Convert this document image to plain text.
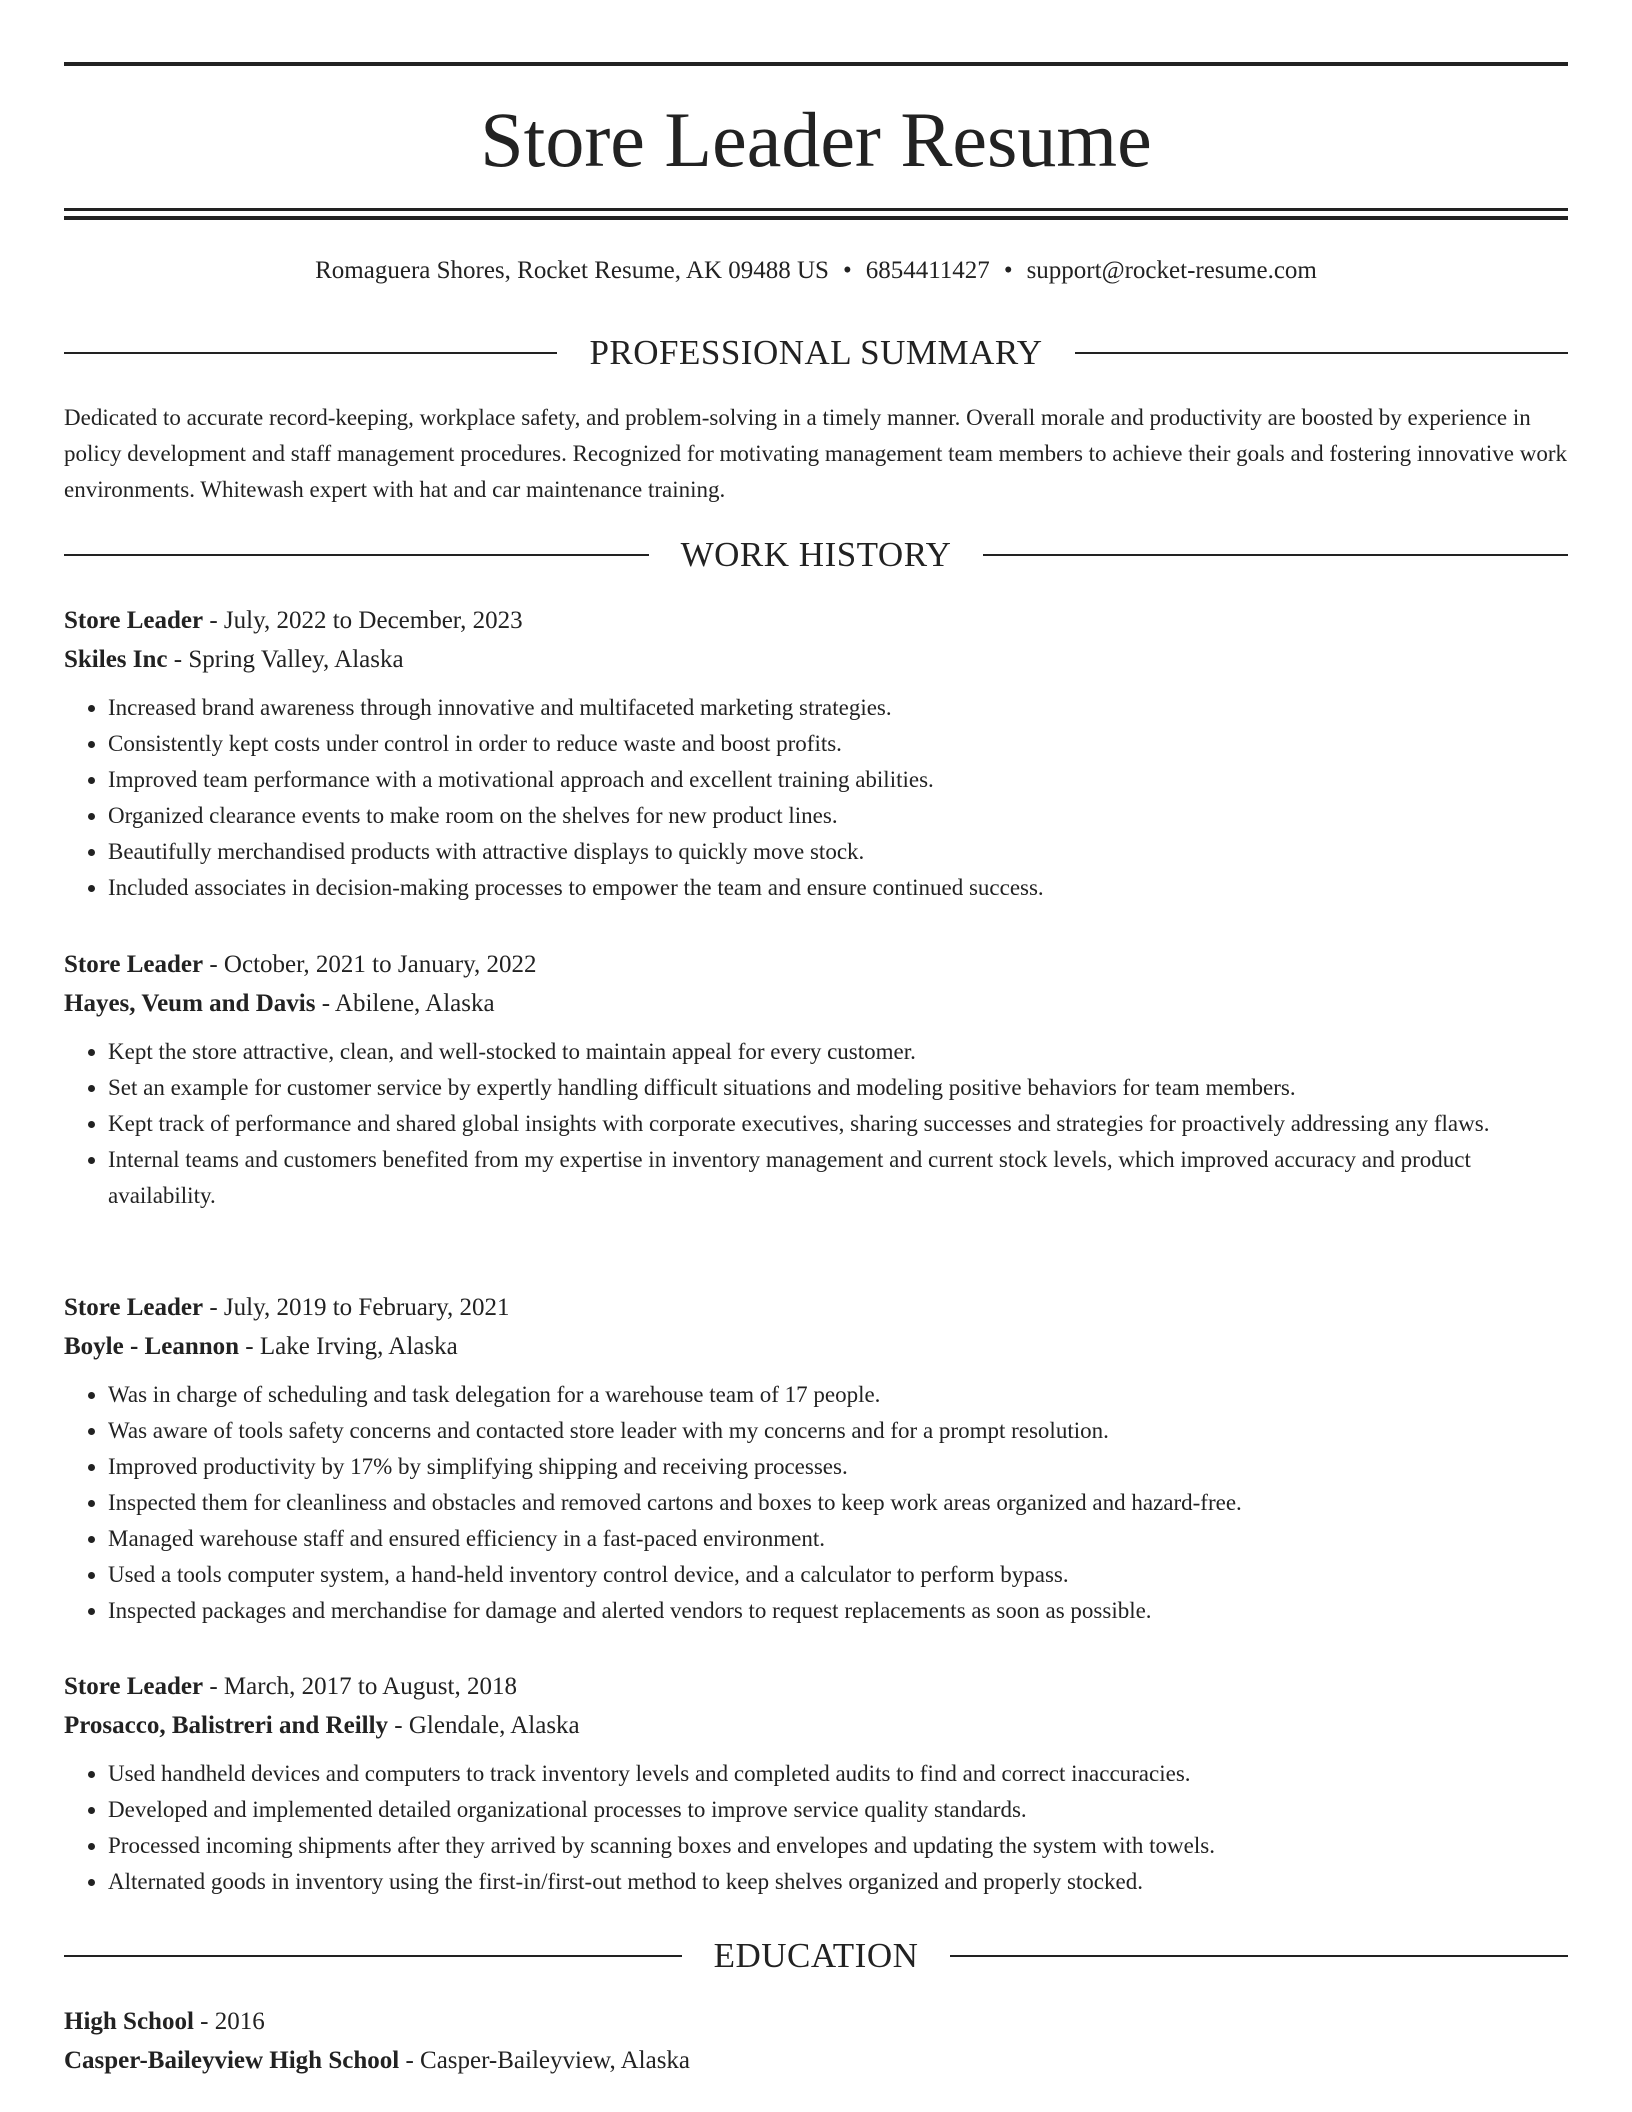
Store Leader Resume
Romaguera Shores, Rocket Resume, AK 09488 US • 6854411427 • support@rocket-resume.com
PROFESSIONAL SUMMARY

Dedicated to accurate record-keeping, workplace safety, and problem-solving in a timely manner. Overall morale and productivity are boosted by experience in policy development and staff management procedures. Recognized for motivating management team members to achieve their goals and fostering innovative work environments. Whitewash expert with hat and car maintenance training.

WORK HISTORY
Store Leader - July, 2022 to December, 2023
Skiles Inc - Spring Valley, Alaska
• Increased brand awareness through innovative and multifaceted marketing strategies.
• Consistently kept costs under control in order to reduce waste and boost profits.
• Improved team performance with a motivational approach and excellent training abilities.
• Organized clearance events to make room on the shelves for new product lines.
• Beautifully merchandised products with attractive displays to quickly move stock.
• Included associates in decision-making processes to empower the team and ensure continued success.
Store Leader - October, 2021 to January, 2022
Hayes, Veum and Davis - Abilene, Alaska
• Kept the store attractive, clean, and well-stocked to maintain appeal for every customer.
• Set an example for customer service by expertly handling difficult situations and modeling positive behaviors for team members.
• Kept track of performance and shared global insights with corporate executives, sharing successes and strategies for proactively addressing any flaws.
• Internal teams and customers benefited from my expertise in inventory management and current stock levels, which improved accuracy and product availability.
Store Leader - July, 2019 to February, 2021
Boyle - Leannon - Lake Irving, Alaska
• Was in charge of scheduling and task delegation for a warehouse team of 17 people.
• Was aware of tools safety concerns and contacted store leader with my concerns and for a prompt resolution.
• Improved productivity by 17% by simplifying shipping and receiving processes.
• Inspected them for cleanliness and obstacles and removed cartons and boxes to keep work areas organized and hazard-free.
• Managed warehouse staff and ensured efficiency in a fast-paced environment.
• Used a tools computer system, a hand-held inventory control device, and a calculator to perform bypass.
• Inspected packages and merchandise for damage and alerted vendors to request replacements as soon as possible.
Store Leader - March, 2017 to August, 2018
Prosacco, Balistreri and Reilly - Glendale, Alaska
• Used handheld devices and computers to track inventory levels and completed audits to find and correct inaccuracies.
• Developed and implemented detailed organizational processes to improve service quality standards.
• Processed incoming shipments after they arrived by scanning boxes and envelopes and updating the system with towels.
• Alternated goods in inventory using the first-in/first-out method to keep shelves organized and properly stocked.
EDUCATION
High School - 2016
Casper-Baileyview High School - Casper-Baileyview, Alaska
